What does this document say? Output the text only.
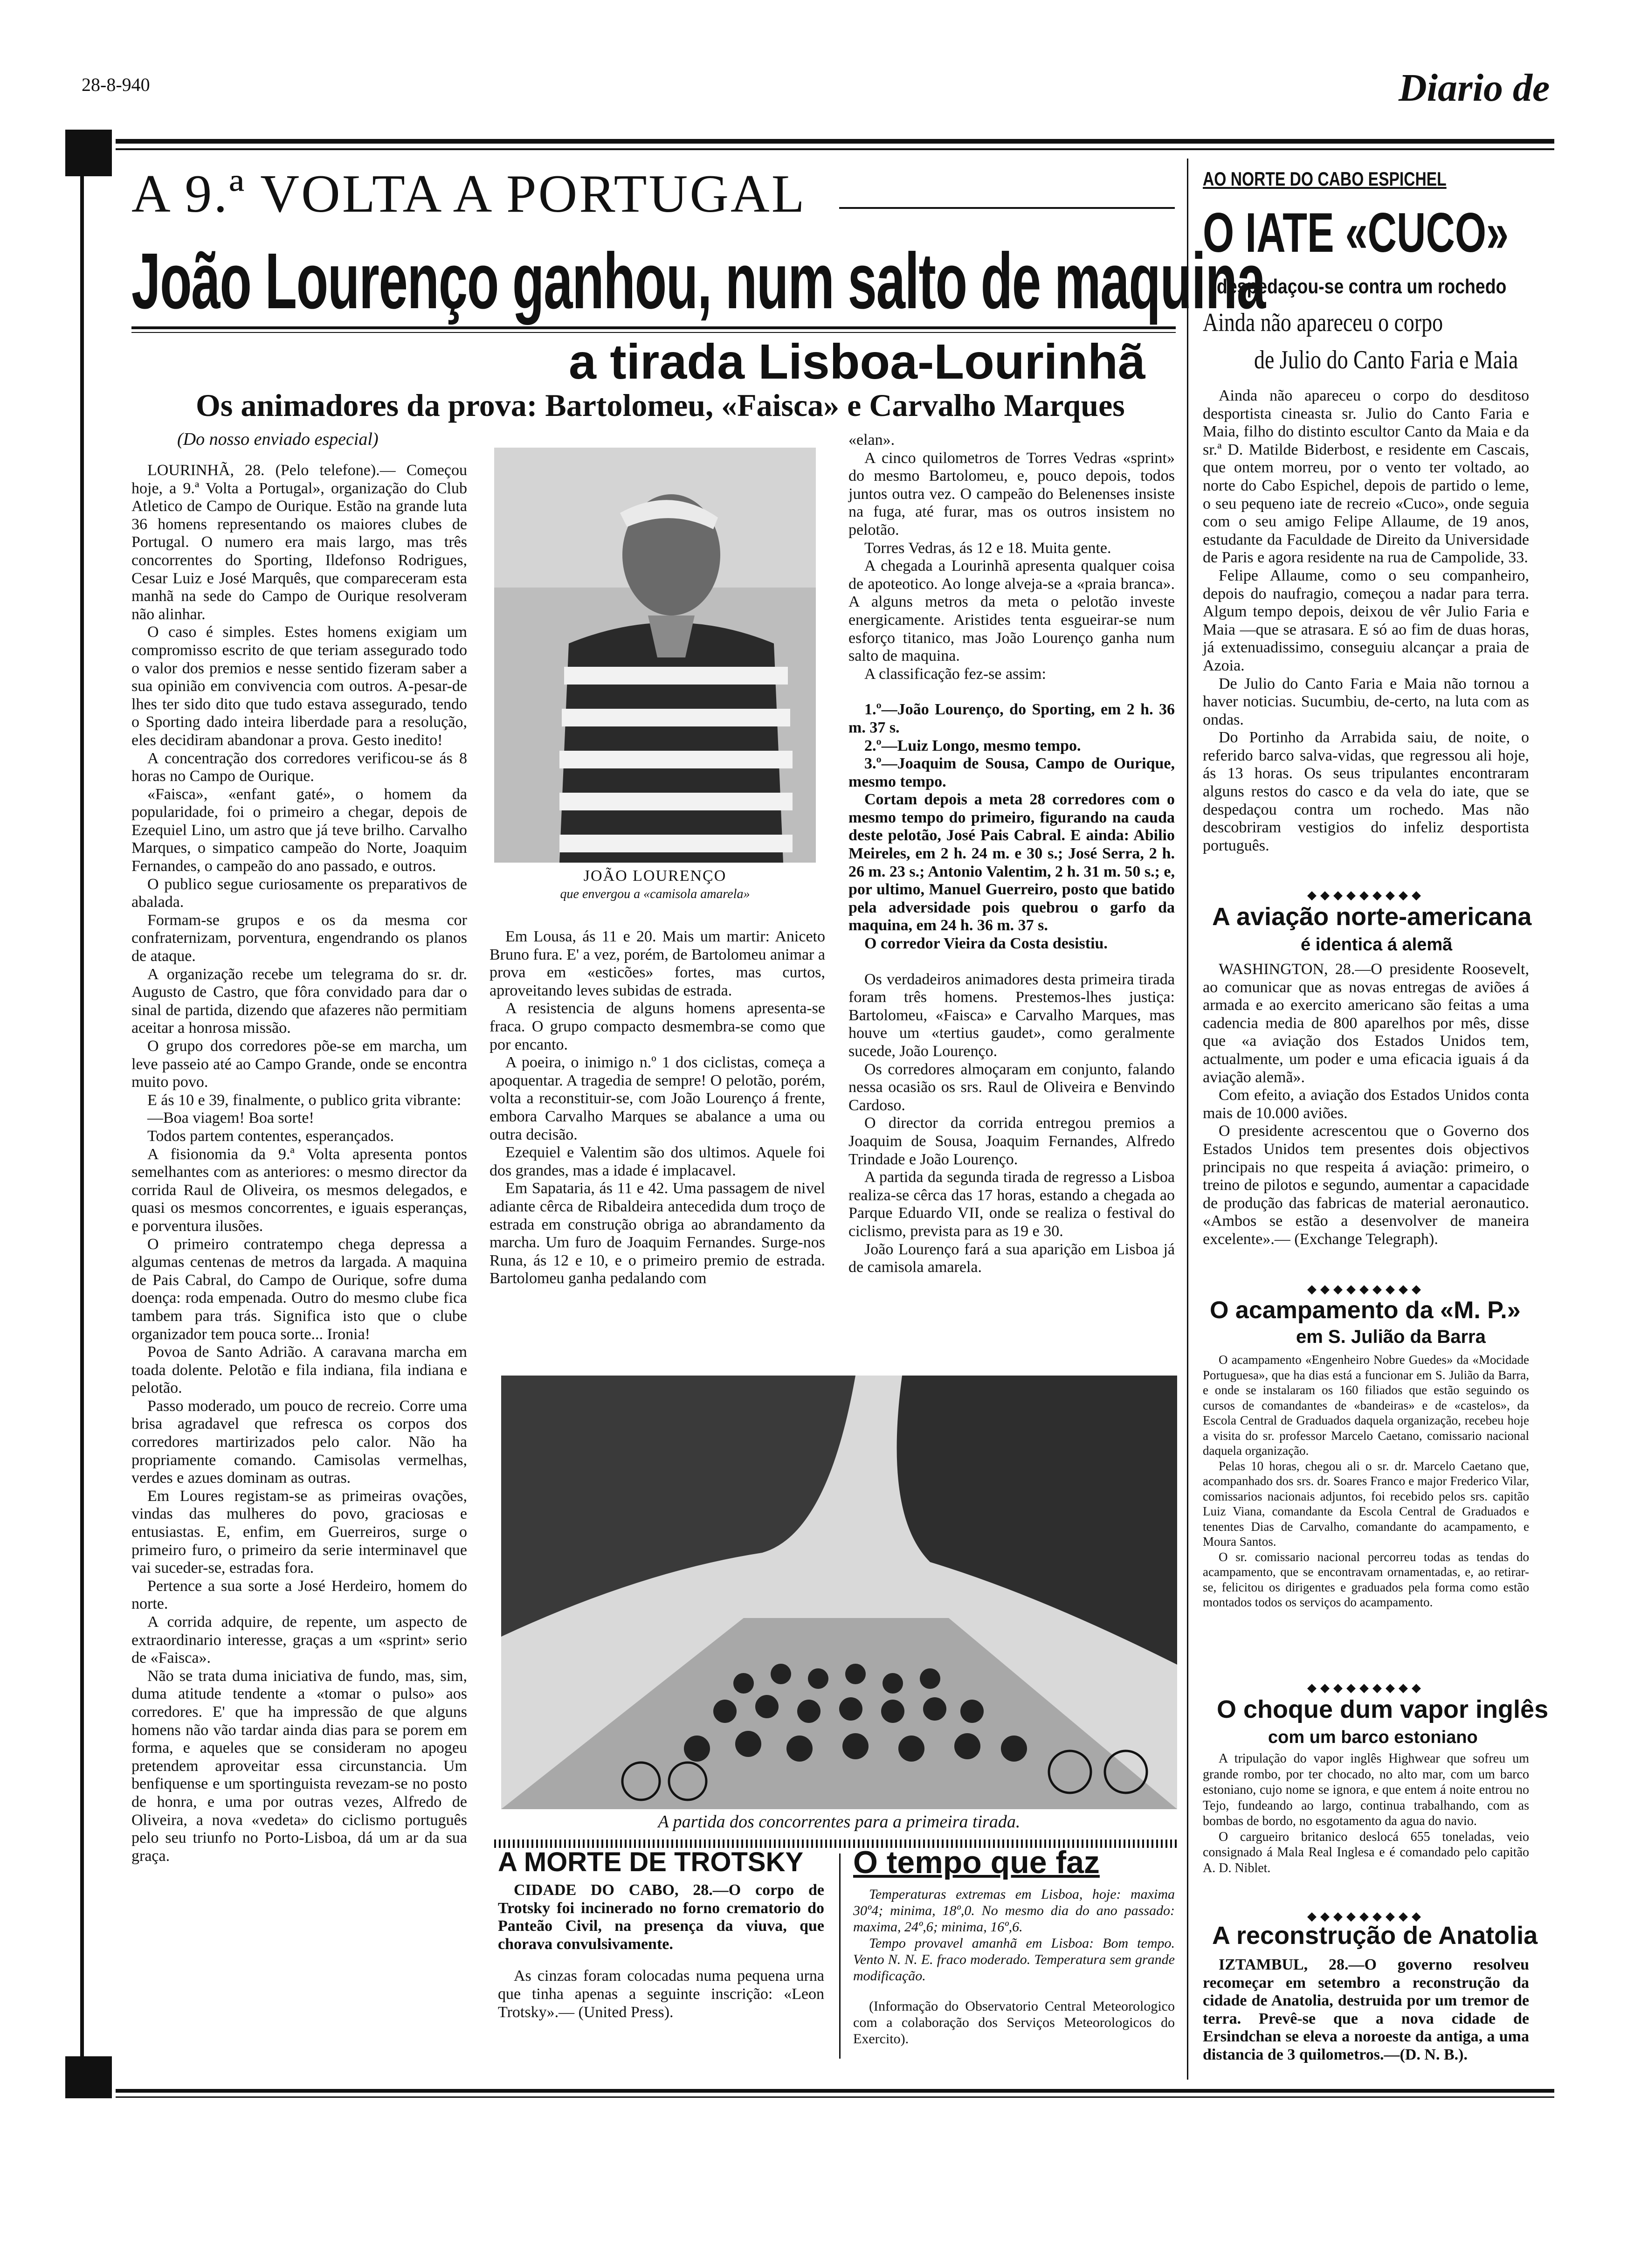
28-8-940	Diario de
A 9.ª VOLTA A PORTUGAL
João Lourenço ganhou, num salto de maquina
a tirada Lisboa-Lourinhã
Os animadores da prova: Bartolomeu, «Faisca» e Carvalho Marques
(Do nosso enviado especial)

LOURINHÃ, 28. (Pelo telefone).— Começou hoje, a 9.ª Volta a Portugal», organização do Club Atletico de Campo de Ourique. Estão na grande luta 36 homens representando os maiores clubes de Portugal. O numero era mais largo, mas três concorrentes do Sporting, Ildefonso Rodrigues, Cesar Luiz e José Marquês, que compareceram esta manhã na sede do Campo de Ourique resolveram não alinhar.

O caso é simples. Estes homens exigiam um compromisso escrito de que teriam assegurado todo o valor dos premios e nesse sentido fizeram saber a sua opinião em convivencia com outros. A-pesar-de lhes ter sido dito que tudo estava assegurado, tendo o Sporting dado inteira liberdade para a resolução, eles decidiram abandonar a prova. Gesto inedito!

A concentração dos corredores verificou-se ás 8 horas no Campo de Ourique.

«Faisca», «enfant gaté», o homem da popularidade, foi o primeiro a chegar, depois de Ezequiel Lino, um astro que já teve brilho. Carvalho Marques, o simpatico campeão do Norte, Joaquim Fernandes, o campeão do ano passado, e outros.

O publico segue curiosamente os preparativos de abalada.

Formam-se grupos e os da mesma cor confraternizam, porventura, engendrando os planos de ataque.

A organização recebe um telegrama do sr. dr. Augusto de Castro, que fôra convidado para dar o sinal de partida, dizendo que afazeres não permitiam aceitar a honrosa missão.

O grupo dos corredores põe-se em marcha, um leve passeio até ao Campo Grande, onde se encontra muito povo.

E ás 10 e 39, finalmente, o publico grita vibrante:

—Boa viagem! Boa sorte!

Todos partem contentes, esperançados.

A fisionomia da 9.ª Volta apresenta pontos semelhantes com as anteriores: o mesmo director da corrida Raul de Oliveira, os mesmos delegados, e quasi os mesmos concorrentes, e iguais esperanças, e porventura ilusões.

O primeiro contratempo chega depressa a algumas centenas de metros da largada. A maquina de Pais Cabral, do Campo de Ourique, sofre duma doença: roda empenada. Outro do mesmo clube fica tambem para trás. Significa isto que o clube organizador tem pouca sorte... Ironia!

Povoa de Santo Adrião. A caravana marcha em toada dolente. Pelotão e fila indiana, fila indiana e pelotão.

Passo moderado, um pouco de recreio. Corre uma brisa agradavel que refresca os corpos dos corredores martirizados pelo calor. Não ha propriamente comando. Camisolas vermelhas, verdes e azues dominam as outras.

Em Loures registam-se as primeiras ovações, vindas das mulheres do povo, graciosas e entusiastas. E, enfim, em Guerreiros, surge o primeiro furo, o primeiro da serie interminavel que vai suceder-se, estradas fora.

Pertence a sua sorte a José Herdeiro, homem do norte.

A corrida adquire, de repente, um aspecto de extraordinario interesse, graças a um «sprint» serio de «Faisca».

Não se trata duma iniciativa de fundo, mas, sim, duma atitude tendente a «tomar o pulso» aos corredores. E' que ha impressão de que alguns homens não vão tardar ainda dias para se porem em forma, e aqueles que se consideram no apogeu pretendem aproveitar essa circunstancia. Um benfiquense e um sportinguista revezam-se no posto de honra, e uma por outras vezes, Alfredo de Oliveira, a nova «vedeta» do ciclismo português pelo seu triunfo no Porto-Lisboa, dá um ar da sua graça.

JOÃO LOURENÇO
que envergou a «camisola amarela»

Em Lousa, ás 11 e 20. Mais um martir: Aniceto Bruno fura. E' a vez, porém, de Bartolomeu animar a prova em «esticões» fortes, mas curtos, aproveitando leves subidas de estrada.

A resistencia de alguns homens apresenta-se fraca. O grupo compacto desmembra-se como que por encanto.

A poeira, o inimigo n.º 1 dos ciclistas, começa a apoquentar. A tragedia de sempre! O pelotão, porém, volta a reconstituir-se, com João Lourenço á frente, embora Carvalho Marques se abalance a uma ou outra decisão.

Ezequiel e Valentim são dos ultimos. Aquele foi dos grandes, mas a idade é implacavel.

Em Sapataria, ás 11 e 42. Uma passagem de nivel adiante cêrca de Ribaldeira antecedida dum troço de estrada em construção obriga ao abrandamento da marcha. Um furo de Joaquim Fernandes. Surge-nos Runa, ás 12 e 10, e o primeiro premio de estrada. Bartolomeu ganha pedalando com

«elan».

A cinco quilometros de Torres Vedras «sprint» do mesmo Bartolomeu, e, pouco depois, todos juntos outra vez. O campeão do Belenenses insiste na fuga, até furar, mas os outros insistem no pelotão.

Torres Vedras, ás 12 e 18. Muita gente.

A chegada a Lourinhã apresenta qualquer coisa de apoteotico. Ao longe alveja-se a «praia branca». A alguns metros da meta o pelotão investe energicamente. Aristides tenta esgueirar-se num esforço titanico, mas João Lourenço ganha num salto de maquina.

A classificação fez-se assim:

1.º—João Lourenço, do Sporting, em 2 h. 36 m. 37 s.

2.º—Luiz Longo, mesmo tempo.

3.º—Joaquim de Sousa, Campo de Ourique, mesmo tempo.

Cortam depois a meta 28 corredores com o mesmo tempo do primeiro, figurando na cauda deste pelotão, José Pais Cabral. E ainda: Abilio Meireles, em 2 h. 24 m. e 30 s.; José Serra, 2 h. 26 m. 23 s.; Antonio Valentim, 2 h. 31 m. 50 s.; e, por ultimo, Manuel Guerreiro, posto que batido pela adversidade pois quebrou o garfo da maquina, em 24 h. 36 m. 37 s.

O corredor Vieira da Costa desistiu.

Os verdadeiros animadores desta primeira tirada foram três homens. Prestemos-lhes justiça: Bartolomeu, «Faisca» e Carvalho Marques, mas houve um «tertius gaudet», como geralmente sucede, João Lourenço.

Os corredores almoçaram em conjunto, falando nessa ocasião os srs. Raul de Oliveira e Benvindo Cardoso.

O director da corrida entregou premios a Joaquim de Sousa, Joaquim Fernandes, Alfredo Trindade e João Lourenço.

A partida da segunda tirada de regresso a Lisboa realiza-se cêrca das 17 horas, estando a chegada ao Parque Eduardo VII, onde se realiza o festival do ciclismo, prevista para as 19 e 30.

João Lourenço fará a sua aparição em Lisboa já de camisola amarela.

A partida dos concorrentes para a primeira tirada.
A MORTE DE TROTSKY

CIDADE DO CABO, 28.—O corpo de Trotsky foi incinerado no forno crematorio do Panteão Civil, na presença da viuva, que chorava convulsivamente.

As cinzas foram colocadas numa pequena urna que tinha apenas a seguinte inscrição: «Leon Trotsky».— (United Press).

O tempo que faz

Temperaturas extremas em Lisboa, hoje: maxima 30º4; minima, 18º,0. No mesmo dia do ano passado: maxima, 24º,6; minima, 16º,6.

Tempo provavel amanhã em Lisboa: Bom tempo. Vento N. N. E. fraco moderado. Temperatura sem grande modificação.

(Informação do Observatorio Central Meteorologico com a colaboração dos Serviços Meteorologicos do Exercito).

AO NORTE DO CABO ESPICHEL
O IATE «CUCO»
despedaçou-se contra um rochedo
Ainda não apareceu o corpo
de Julio do Canto Faria e Maia

Ainda não apareceu o corpo do desditoso desportista cineasta sr. Julio do Canto Faria e Maia, filho do distinto escultor Canto da Maia e da sr.ª D. Matilde Biderbost, e residente em Cascais, que ontem morreu, por o vento ter voltado, ao norte do Cabo Espichel, depois de partido o leme, o seu pequeno iate de recreio «Cuco», onde seguia com o seu amigo Felipe Allaume, de 19 anos, estudante da Faculdade de Direito da Universidade de Paris e agora residente na rua de Campolide, 33.

Felipe Allaume, como o seu companheiro, depois do naufragio, começou a nadar para terra. Algum tempo depois, deixou de vêr Julio Faria e Maia —que se atrasara. E só ao fim de duas horas, já extenuadissimo, conseguiu alcançar a praia de Azoia.

De Julio do Canto Faria e Maia não tornou a haver noticias. Sucumbiu, de-certo, na luta com as ondas.

Do Portinho da Arrabida saiu, de noite, o referido barco salva-vidas, que regressou ali hoje, ás 13 horas. Os seus tripulantes encontraram alguns restos do casco e da vela do iate, que se despedaçou contra um rochedo. Mas não descobriram vestigios do infeliz desportista português.

◆◆◆◆◆◆◆◆◆
A aviação norte-americana
é identica á alemã

WASHINGTON, 28.—O presidente Roosevelt, ao comunicar que as novas entregas de aviões á armada e ao exercito americano são feitas a uma cadencia media de 800 aparelhos por mês, disse que «a aviação dos Estados Unidos tem, actualmente, um poder e uma eficacia iguais á da aviação alemã».

Com efeito, a aviação dos Estados Unidos conta mais de 10.000 aviões.

O presidente acrescentou que o Governo dos Estados Unidos tem presentes dois objectivos principais no que respeita á aviação: primeiro, o treino de pilotos e segundo, aumentar a capacidade de produção das fabricas de material aeronautico. «Ambos se estão a desenvolver de maneira excelente».— (Exchange Telegraph).

◆◆◆◆◆◆◆◆◆
O acampamento da «M. P.»
em S. Julião da Barra

O acampamento «Engenheiro Nobre Guedes» da «Mocidade Portuguesa», que ha dias está a funcionar em S. Julião da Barra, e onde se instalaram os 160 filiados que estão seguindo os cursos de comandantes de «bandeiras» e de «castelos», da Escola Central de Graduados daquela organização, recebeu hoje a visita do sr. professor Marcelo Caetano, comissario nacional daquela organização.

Pelas 10 horas, chegou ali o sr. dr. Marcelo Caetano que, acompanhado dos srs. dr. Soares Franco e major Frederico Vilar, comissarios nacionais adjuntos, foi recebido pelos srs. capitão Luiz Viana, comandante da Escola Central de Graduados e tenentes Dias de Carvalho, comandante do acampamento, e Moura Santos.

O sr. comissario nacional percorreu todas as tendas do acampamento, que se encontravam ornamentadas, e, ao retirar-se, felicitou os dirigentes e graduados pela forma como estão montados todos os serviços do acampamento.

◆◆◆◆◆◆◆◆◆
O choque dum vapor inglês
com um barco estoniano

A tripulação do vapor inglês Highwear que sofreu um grande rombo, por ter chocado, no alto mar, com um barco estoniano, cujo nome se ignora, e que entem á noite entrou no Tejo, fundeando ao largo, continua trabalhando, com as bombas de bordo, no esgotamento da agua do navio.

O cargueiro britanico deslocá 655 toneladas, veio consignado á Mala Real Inglesa e é comandado pelo capitão A. D. Niblet.

◆◆◆◆◆◆◆◆◆
A reconstrução de Anatolia

IZTAMBUL, 28.—O governo resolveu recomeçar em setembro a reconstrução da cidade de Anatolia, destruida por um tremor de terra. Prevê-se que a nova cidade de Ersindchan se eleva a noroeste da antiga, a uma distancia de 3 quilometros.—(D. N. B.).
